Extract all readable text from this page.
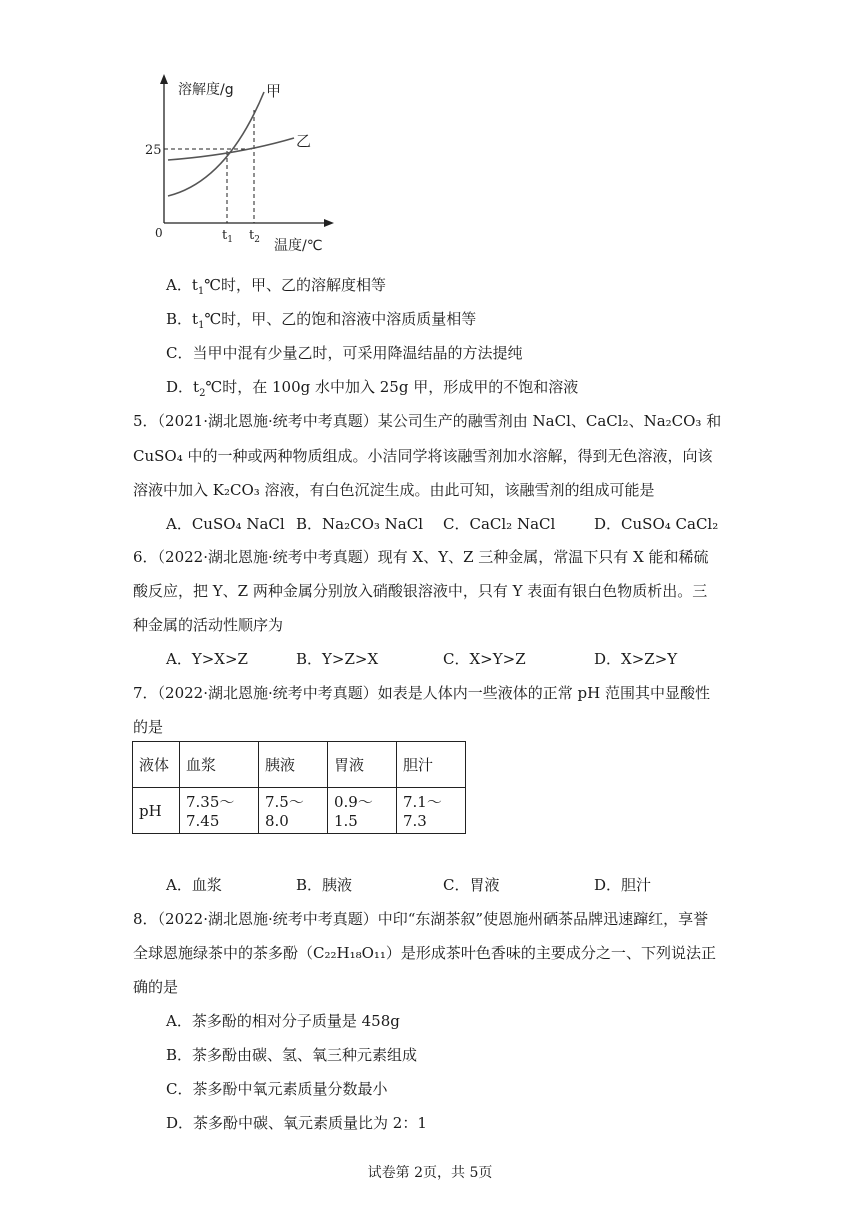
溶解度/g 甲
乙
25
0	$t_1$ $t_2$ 温度/℃
A．$t_1℃$时，甲、乙的溶解度相等
B．$t_1℃$时，甲、乙的饱和溶液中溶质质量相等
C．当甲中混有少量乙时，可采用降温结晶的方法提纯
D．$t_2℃$时，在 100g 水中加入 25g 甲，形成甲的不饱和溶液
5．（2021·湖北恩施·统考中考真题）某公司生产的融雪剂由 NaCl、CaCl₂、Na₂CO₃ 和
CuSO₄ 中的一种或两种物质组成。小洁同学将该融雪剂加水溶解，得到无色溶液，向该
溶液中加入 K₂CO₃ 溶液，有白色沉淀生成。由此可知，该融雪剂的组成可能是
A．CuSO₄ NaCl B．Na₂CO₃ NaCl C．CaCl₂ NaCl	D．CuSO₄ CaCl₂
6．（2022·湖北恩施·统考中考真题）现有 X、Y、Z 三种金属，常温下只有 X 能和稀硫
酸反应，把 Y、Z 两种金属分别放入硝酸银溶液中，只有 Y 表面有银白色物质析出。三
种金属的活动性顺序为
A．Y>X>Z	B．Y>Z>X	C．X>Y>Z	D．X>Z>Y
7．（2022·湖北恩施·统考中考真题）如表是人体内一些液体的正常 pH 范围其中显酸性
的是
液体	血浆	胰液	胃液	胆汁
pH	7.35～7.45	7.5～8.0	0.9～1.5	7.1～7.3
A．血浆	B．胰液	C．胃液	D．胆汁
8．（2022·湖北恩施·统考中考真题）中印“东湖茶叙”使恩施州硒茶品牌迅速蹿红，享誉
全球恩施绿茶中的茶多酚（C₂₂H₁₈O₁₁）是形成茶叶色香味的主要成分之一、下列说法正
确的是
A．茶多酚的相对分子质量是 458g
B．茶多酚由碳、氢、氧三种元素组成
C．茶多酚中氧元素质量分数最小
D．茶多酚中碳、氧元素质量比为 2：1
试卷第 2页，共 5页
